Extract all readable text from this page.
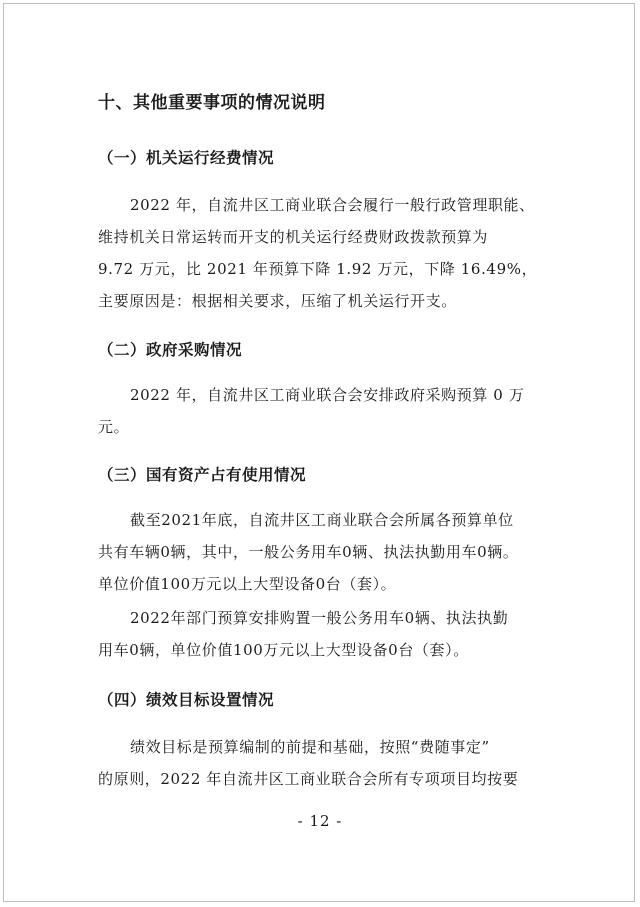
十、其他重要事项的情况说明
（一）机关运行经费情况
2022 年，自流井区工商业联合会履行一般行政管理职能、
维持机关日常运转而开支的机关运行经费财政拨款预算为
9.72 万元，比 2021 年预算下降 1.92 万元，下降 16.49%，
主要原因是：根据相关要求，压缩了机关运行开支。
（二）政府采购情况
2022 年，自流井区工商业联合会安排政府采购预算 0 万
元。
（三）国有资产占有使用情况
截至2021年底，自流井区工商业联合会所属各预算单位
共有车辆0辆，其中，一般公务用车0辆、执法执勤用车0辆。
单位价值100万元以上大型设备0台（套）。
2022年部门预算安排购置一般公务用车0辆、执法执勤
用车0辆，单位价值100万元以上大型设备0台（套）。
（四）绩效目标设置情况
绩效目标是预算编制的前提和基础，按照“费随事定”
的原则，2022 年自流井区工商业联合会所有专项项目均按要
- 12 -
